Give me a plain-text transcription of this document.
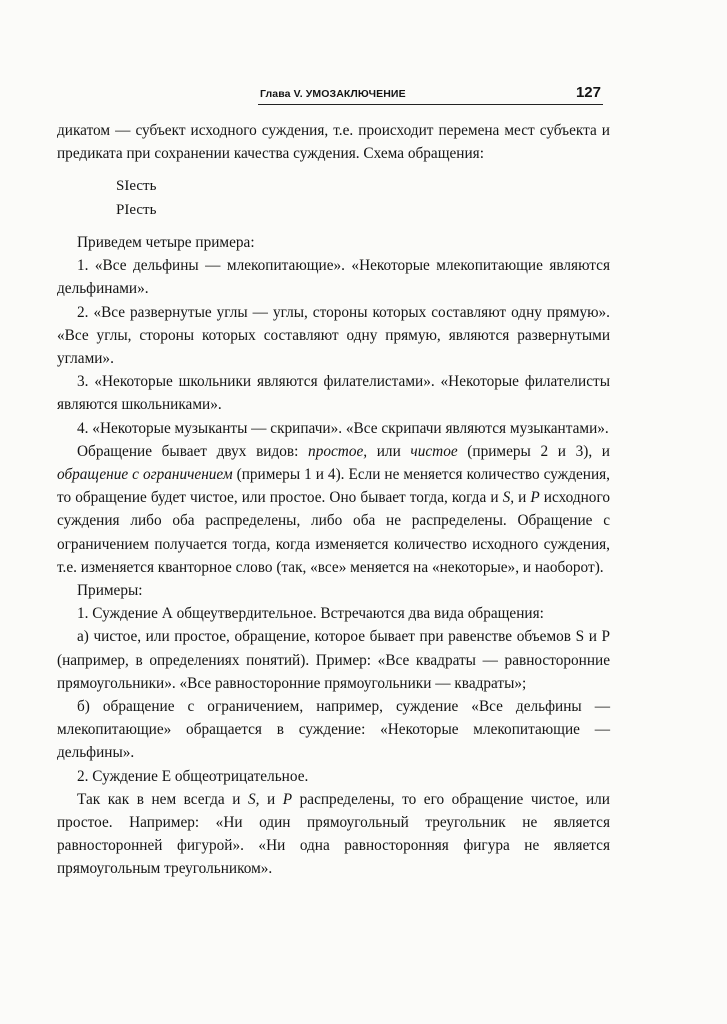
Глава V. УМОЗАКЛЮЧЕНИЕ	127

дикатом — субъект исходного суждения, т.е. происходит перемена мест субъекта и предиката при сохранении качества суждения. Схема обращения:

SIесть
PIесть

Приведем четыре примера:

1. «Все дельфины — млекопитающие». «Некоторые млекопитающие являются дельфинами».

2. «Все развернутые углы — углы, стороны которых составляют одну прямую». «Все углы, стороны которых составляют одну прямую, являются развернутыми углами».

3. «Некоторые школьники являются филателистами». «Некоторые филателисты являются школьниками».

4. «Некоторые музыканты — скрипачи». «Все скрипачи являются музыкантами».

Обращение бывает двух видов: простое, или чистое (примеры 2 и 3), и обращение с ограничением (примеры 1 и 4). Если не меняется количество суждения, то обращение будет чистое, или простое. Оно бывает тогда, когда и S, и P исходного суждения либо оба распределены, либо оба не распределены. Обращение с ограничением получается тогда, когда изменяется количество исходного суждения, т.е. изменяется кванторное слово (так, «все» меняется на «некоторые», и наоборот).

Примеры:

1. Суждение А общеутвердительное. Встречаются два вида обращения:

а) чистое, или простое, обращение, которое бывает при равенстве объемов S и P (например, в определениях понятий). Пример: «Все квадраты — равносторонние прямоугольники». «Все равносторонние прямоугольники — квадраты»;

б) обращение с ограничением, например, суждение «Все дельфины — млекопитающие» обращается в суждение: «Некоторые млекопитающие — дельфины».

2. Суждение Е общеотрицательное.

Так как в нем всегда и S, и P распределены, то его обращение чистое, или простое. Например: «Ни один прямоугольный треугольник не является равносторонней фигурой». «Ни одна равносторонняя фигура не является прямоугольным треугольником».
